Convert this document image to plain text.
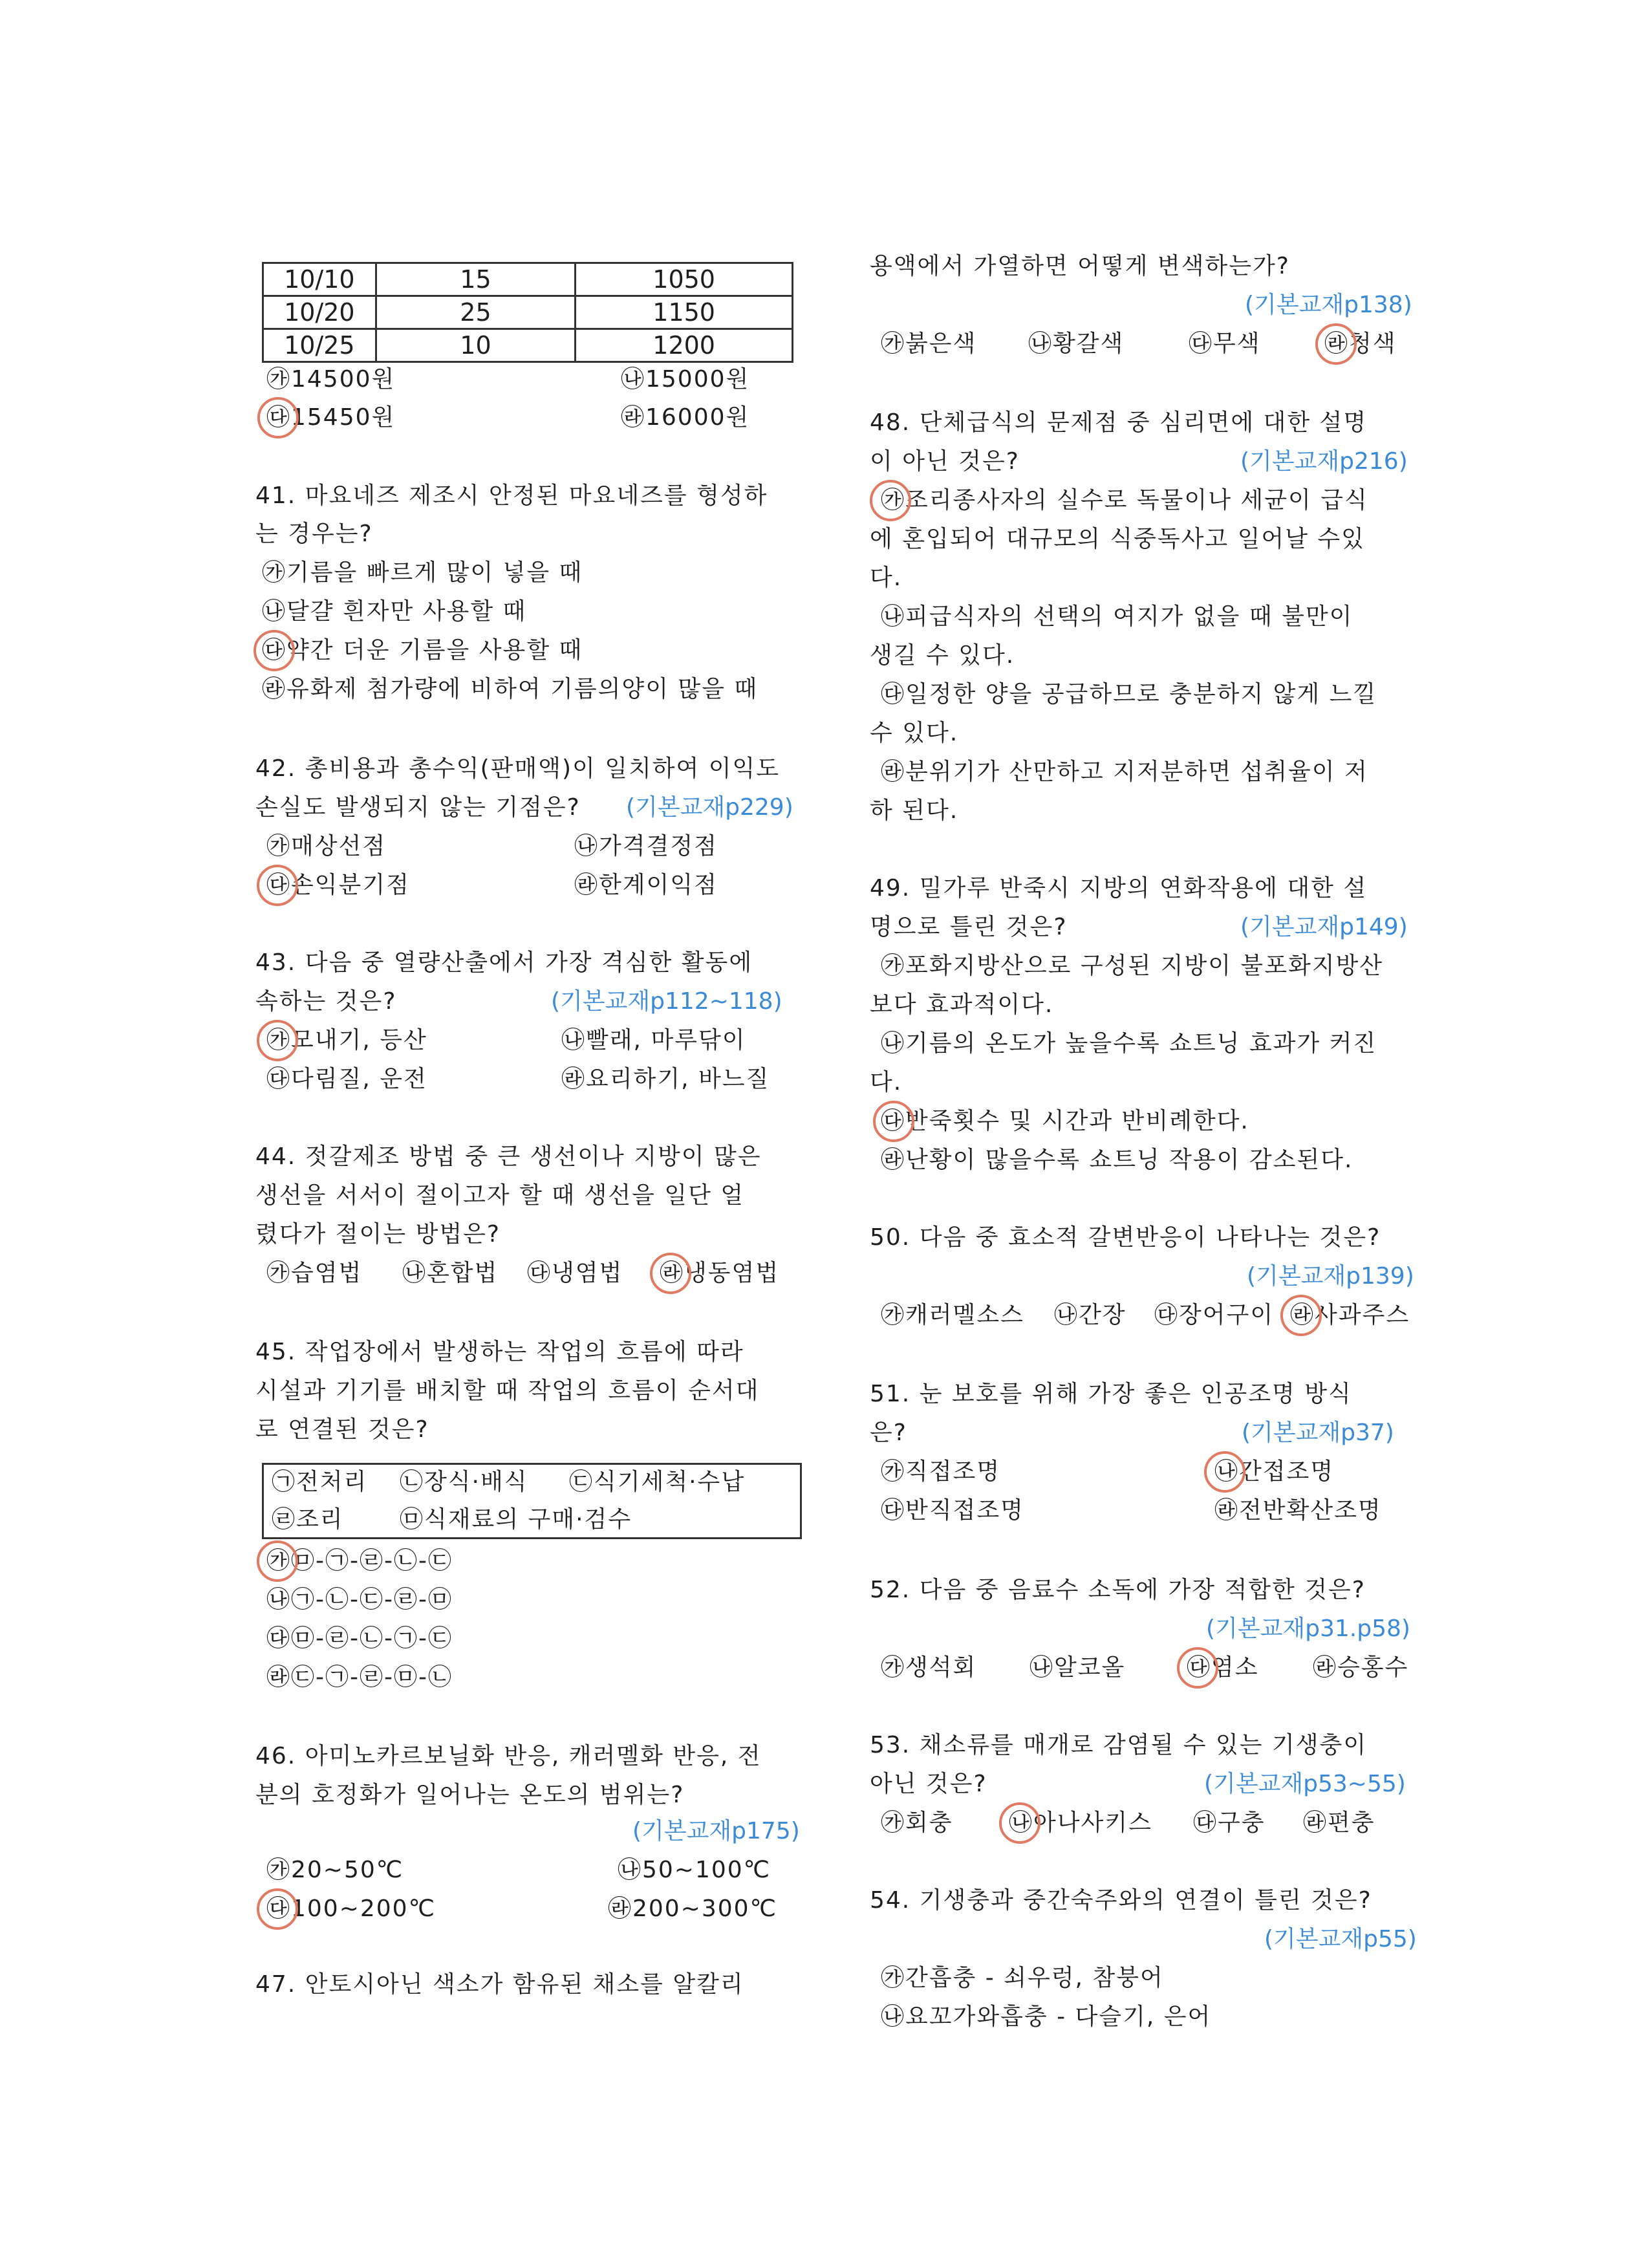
10/10	15	1050
10/20	25	1150
10/25	10	1200
㉮14500원	㉯15000원
㉰15450원	㉱16000원
41. 마요네즈 제조시 안정된 마요네즈를 형성하
는 경우는?
㉮기름을 빠르게 많이 넣을 때
㉯달걀 흰자만 사용할 때
㉰약간 더운 기름을 사용할 때
㉱유화제 첨가량에 비하여 기름의양이 많을 때
42. 총비용과 총수익(판매액)이 일치하여 이익도
손실도 발생되지 않는 기점은? (기본교재p229)
㉮매상선점	㉯가격결정점
㉰손익분기점	㉱한계이익점
43. 다음 중 열량산출에서 가장 격심한 활동에
속하는 것은?	(기본교재p112~118)
㉮모내기, 등산	㉯빨래, 마루닦이
㉰다림질, 운전	㉱요리하기, 바느질
44. 젓갈제조 방법 중 큰 생선이나 지방이 많은
생선을 서서이 절이고자 할 때 생선을 일단 얼
렸다가 절이는 방법은?
㉮습염법 ㉯혼합법 ㉰냉염법 ㉱냉동염법
45. 작업장에서 발생하는 작업의 흐름에 따라
시설과 기기를 배치할 때 작업의 흐름이 순서대
로 연결된 것은?
㉠전처리 ㉡장식·배식 ㉢식기세척·수납
㉣조리 ㉤식재료의 구매·검수
㉮㉤-㉠-㉣-㉡-㉢
㉯㉠-㉡-㉢-㉣-㉤
㉰㉤-㉣-㉡-㉠-㉢
㉱㉢-㉠-㉣-㉤-㉡
46. 아미노카르보닐화 반응, 캐러멜화 반응, 전
분의 호정화가 일어나는 온도의 범위는?
(기본교재p175)
㉮20~50℃	㉯50~100℃
㉰100~200℃	㉱200~300℃
47. 안토시아닌 색소가 함유된 채소를 알칼리
용액에서 가열하면 어떻게 변색하는가?
(기본교재p138)
㉮붉은색 ㉯황갈색	㉰무색	㉱청색
48. 단체급식의 문제점 중 심리면에 대한 설명
이 아닌 것은?	(기본교재p216)
㉮조리종사자의 실수로 독물이나 세균이 급식
에 혼입되어 대규모의 식중독사고 일어날 수있
다.
㉯피급식자의 선택의 여지가 없을 때 불만이
생길 수 있다.
㉰일정한 양을 공급하므로 충분하지 않게 느낄
수 있다.
㉱분위기가 산만하고 지저분하면 섭취율이 저
하 된다.
49. 밀가루 반죽시 지방의 연화작용에 대한 설
명으로 틀린 것은?	(기본교재p149)
㉮포화지방산으로 구성된 지방이 불포화지방산
보다 효과적이다.
㉯기름의 온도가 높을수록 쇼트닝 효과가 커진
다.
㉰반죽횟수 및 시간과 반비례한다.
㉱난황이 많을수록 쇼트닝 작용이 감소된다.
50. 다음 중 효소적 갈변반응이 나타나는 것은?
(기본교재p139)
㉮캐러멜소스 ㉯간장 ㉰장어구이 ㉱사과주스
51. 눈 보호를 위해 가장 좋은 인공조명 방식
은?	(기본교재p37)
㉮직접조명	㉯간접조명
㉰반직접조명	㉱전반확산조명
52. 다음 중 음료수 소독에 가장 적합한 것은?
(기본교재p31.p58)
㉮생석회 ㉯알코올	㉰염소 ㉱승홍수
53. 채소류를 매개로 감염될 수 있는 기생충이
아닌 것은?	(기본교재p53~55)
㉮회충 ㉯아나사키스 ㉰구충 ㉱편충
54. 기생충과 중간숙주와의 연결이 틀린 것은?
(기본교재p55)
㉮간흡충 - 쇠우렁, 참붕어
㉯요꼬가와흡충 - 다슬기, 은어
